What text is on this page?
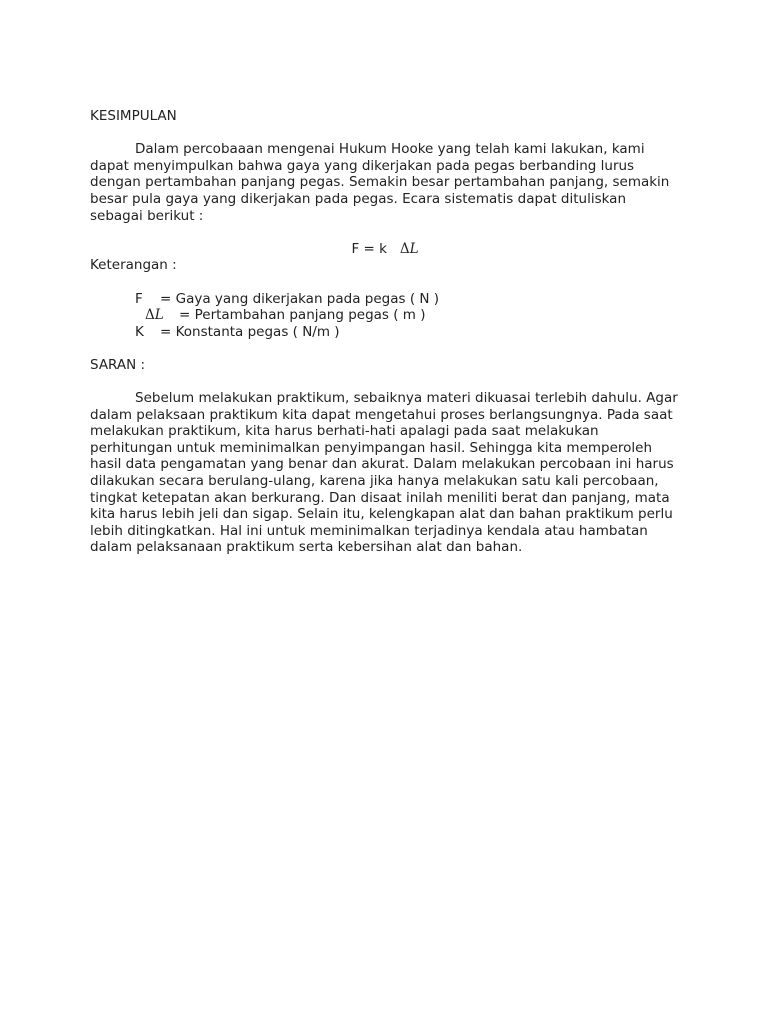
KESIMPULAN

Dalam percobaaan mengenai Hukum Hooke yang telah kami lakukan, kami dapat menyimpulkan bahwa gaya yang dikerjakan pada pegas berbanding lurus dengan pertambahan panjang pegas. Semakin besar pertambahan panjang, semakin besar pula gaya yang dikerjakan pada pegas. Ecara sistematis dapat dituliskan sebagai berikut :

F = k ΔL
Keterangan :
F = Gaya yang dikerjakan pada pegas ( N )
ΔL = Pertambahan panjang pegas ( m )
K = Konstanta pegas ( N/m )
SARAN :

Sebelum melakukan praktikum, sebaiknya materi dikuasai terlebih dahulu. Agar dalam pelaksaan praktikum kita dapat mengetahui proses berlangsungnya. Pada saat melakukan praktikum, kita harus berhati-hati apalagi pada saat melakukan perhitungan untuk meminimalkan penyimpangan hasil. Sehingga kita memperoleh hasil data pengamatan yang benar dan akurat. Dalam melakukan percobaan ini harus dilakukan secara berulang-ulang, karena jika hanya melakukan satu kali percobaan, tingkat ketepatan akan berkurang. Dan disaat inilah meniliti berat dan panjang, mata kita harus lebih jeli dan sigap. Selain itu, kelengkapan alat dan bahan praktikum perlu lebih ditingkatkan. Hal ini untuk meminimalkan terjadinya kendala atau hambatan dalam pelaksanaan praktikum serta kebersihan alat dan bahan.
